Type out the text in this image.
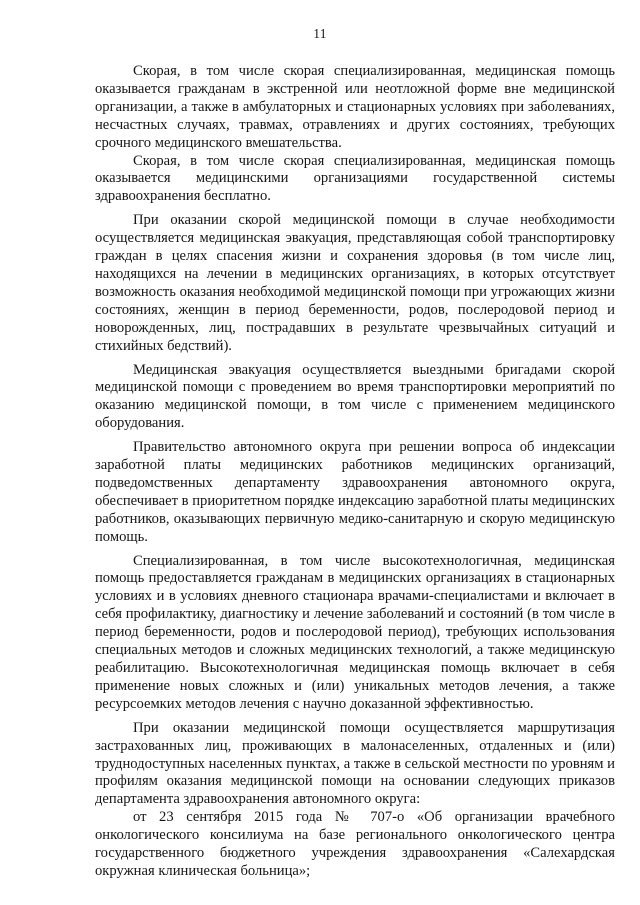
11

Скорая, в том числе скорая специализированная, медицинская помощь оказывается гражданам в экстренной или неотложной форме вне медицинской организации, а также в амбулаторных и стационарных условиях при заболеваниях, несчастных случаях, травмах, отравлениях и других состояниях, требующих срочного медицинского вмешательства.

Скорая, в том числе скорая специализированная, медицинская помощь оказывается медицинскими организациями государственной системы здравоохранения бесплатно.

При оказании скорой медицинской помощи в случае необходимости осуществляется медицинская эвакуация, представляющая собой транспортировку граждан в целях спасения жизни и сохранения здоровья (в том числе лиц, находящихся на лечении в медицинских организациях, в которых отсутствует возможность оказания необходимой медицинской помощи при угрожающих жизни состояниях, женщин в период беременности, родов, послеродовой период и новорожденных, лиц, пострадавших в результате чрезвычайных ситуаций и стихийных бедствий).

Медицинская эвакуация осуществляется выездными бригадами скорой медицинской помощи с проведением во время транспортировки мероприятий по оказанию медицинской помощи, в том числе с применением медицинского оборудования.

Правительство автономного округа при решении вопроса об индексации заработной платы медицинских работников медицинских организаций, подведомственных департаменту здравоохранения автономного округа, обеспечивает в приоритетном порядке индексацию заработной платы медицинских работников, оказывающих первичную медико-санитарную и скорую медицинскую помощь.

Специализированная, в том числе высокотехнологичная, медицинская помощь предоставляется гражданам в медицинских организациях в стационарных условиях и в условиях дневного стационара врачами-специалистами и включает в себя профилактику, диагностику и лечение заболеваний и состояний (в том числе в период беременности, родов и послеродовой период), требующих использования специальных методов и сложных медицинских технологий, а также медицинскую реабилитацию. Высокотехнологичная медицинская помощь включает в себя применение новых сложных и (или) уникальных методов лечения, а также ресурсоемких методов лечения с научно доказанной эффективностью.

При оказании медицинской помощи осуществляется маршрутизация застрахованных лиц, проживающих в малонаселенных, отдаленных и (или) труднодоступных населенных пунктах, а также в сельской местности по уровням и профилям оказания медицинской помощи на основании следующих приказов департамента здравоохранения автономного округа:

от 23 сентября 2015 года № 707-о «Об организации врачебного онкологического консилиума на базе регионального онкологического центра государственного бюджетного учреждения здравоохранения «Салехардская окружная клиническая больница»;
